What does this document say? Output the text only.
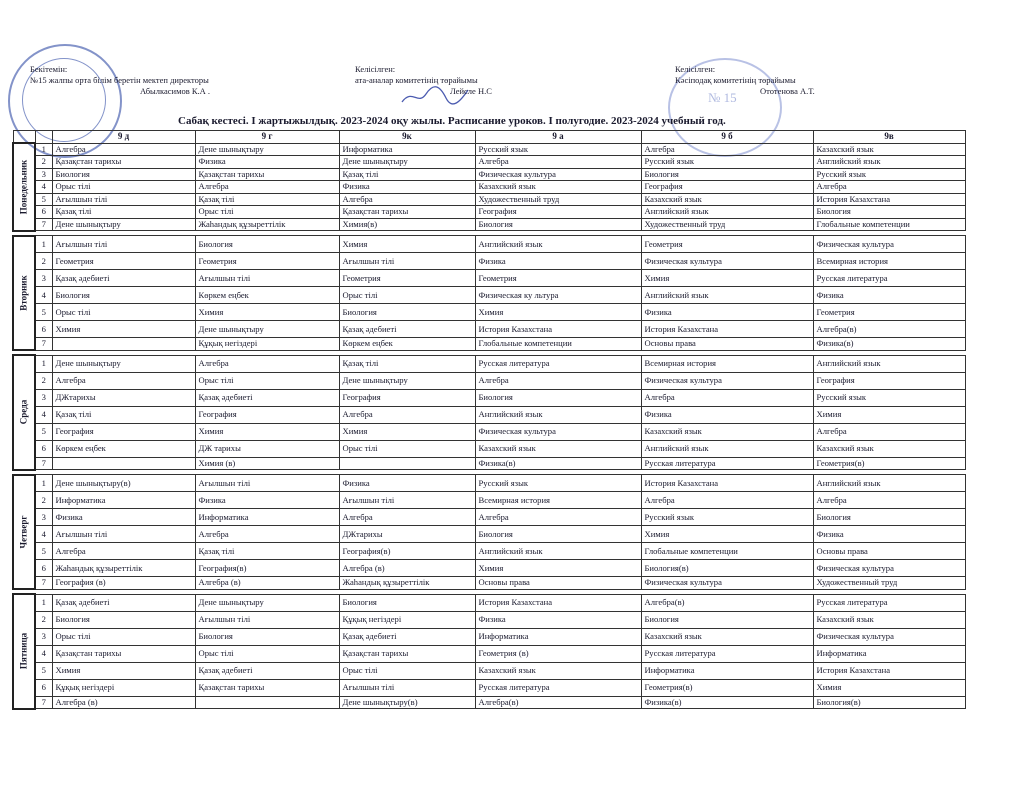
№ 15
Бекітемін:
№15 жалпы орта білім беретін мектеп директоры
Абылкасимов К.А .
Келісілген:
ата-аналар комитетінің төрайымы
Лейсле Н.С
Келісілген:
Кәсіподақ комитетінің төрайымы
Ототенова А.Т.
Сабақ кестесі. I жартыжылдық. 2023-2024 оқу жылы. Расписание уроков. I полугодие. 2023-2024 учебный год.
		9 д	9 г	9к	9 а	9 б	9в

Понедельник	1	Алгебра	Дене шынықтыру	Информатика	Русский язык	Алгебра	Казахский язык
	2	Қазақстан тарихы	Физика	Дене шынықтыру	Алгебра	Русский язык	Английский язык
	3	Биология	Қазақстан тарихы	Қазақ тілі	Физическая культура	Биология	Русский язык
	4	Орыс тілі	Алгебра	Физика	Казахский язык	География	Алгебра
	5	Ағылшын тілі	Қазақ тілі	Алгебра	Художественный труд	Казахский язык	История Казахстана
	6	Қазақ тілі	Орыс тілі	Қазақстан тарихы	География	Английский язык	Биология
	7	Дене шынықтыру	Жаһандық құзыреттілік	Химия(в)	Биология	Художественный труд	Глобальные компетенции

Вторник	1	Ағылшын тілі	Биология	Химия	Английский язык	Геометрия	Физическая культура
	2	Геометрия	Геометрия	Ағылшын тілі	Физика	Физическая культура	Всемирная история
	3	Қазақ әдебиеті	Ағылшын тілі	Геометрия	Геометрия	Химия	Русская литература
	4	Биология	Көркем еңбек	Орыс тілі	Физическая ку льтура	Английский язык	Физика
	5	Орыс тілі	Химия	Биология	Химия	Физика	Геометрия
	6	Химия	Дене шынықтыру	Қазақ әдебиеті	История Казахстана	История Казахстана	Алгебра(в)
	7		Құқық негіздері	Көркем еңбек	Глобальные компетенции	Основы права	Физика(в)

Среда	1	Дене шынықтыру	Алгебра	Қазақ тілі	Русская литература	Всемирная история	Английский язык
	2	Алгебра	Орыс тілі	Дене шынықтыру	Алгебра	Физическая культура	География
	3	ДЖтарихы	Қазақ әдебиеті	География	Биология	Алгебра	Русский язык
	4	Қазақ тілі	География	Алгебра	Английский язык	Физика	Химия
	5	География	Химия	Химия	Физическая культура	Казахский язык	Алгебра
	6	Көркем еңбек	ДЖ тарихы	Орыс тілі	Казахский язык	Английский язык	Казахский язык
	7		Химия (в)		Физика(в)	Русская литература	Геометрия(в)

Четверг	1	Дене шынықтыру(в)	Ағылшын тілі	Физика	Русский язык	История Казахстана	Английский язык
	2	Информатика	Физика	Ағылшын тілі	Всемирная история	Алгебра	Алгебра
	3	Физика	Информатика	Алгебра	Алгебра	Русский язык	Биология
	4	Ағылшын тілі	Алгебра	ДЖтарихы	Биология	Химия	Физика
	5	Алгебра	Қазақ тілі	География(в)	Английский язык	Глобальные компетенции	Основы права
	6	Жаһандық құзыреттілік	География(в)	Алгебра (в)	Химия	Биология(в)	Физическая культура
	7	География (в)	Алгебра (в)	Жаһандық құзыреттілік	Основы права	Физическая культура	Художественный труд

Пятница	1	Қазақ әдебиеті	Дене шынықтыру	Биология	История Казахстана	Алгебра(в)	Русская литература
	2	Биология	Ағылшын тілі	Құқық негіздері	Физика	Биология	Казахский язык
	3	Орыс тілі	Биология	Қазақ әдебиеті	Информатика	Казахский язык	Физическая культура
	4	Қазақстан тарихы	Орыс тілі	Қазақстан тарихы	Геометрия (в)	Русская литература	Информатика
	5	Химия	Қазақ әдебиеті	Орыс тілі	Казахский язык	Информатика	История Казахстана
	6	Құқық негіздері	Қазақстан тарихы	Ағылшын тілі	Русская литература	Геометрия(в)	Химия
	7	Алгебра (в)		Дене шынықтыру(в)	Алгебра(в)	Физика(в)	Биология(в)
